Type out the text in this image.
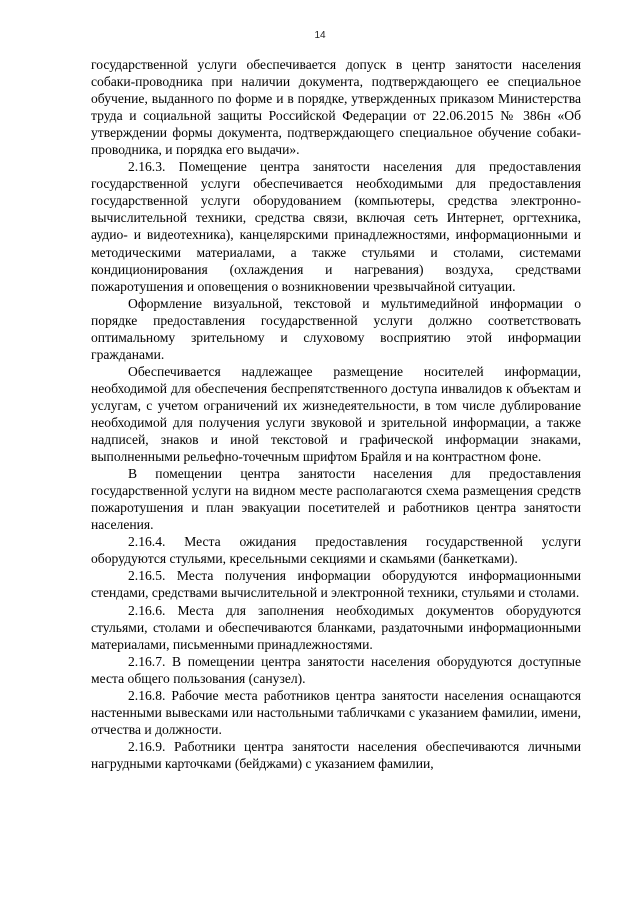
14

государственной услуги обеспечивается допуск в центр занятости населения собаки-проводника при наличии документа, подтверждающего ее специальное обучение, выданного по форме и в порядке, утвержденных приказом Министерства труда и социальной защиты Российской Федерации от 22.06.2015 № 386н «Об утверждении формы документа, подтверждающего специальное обучение собаки-проводника, и порядка его выдачи».

2.16.3. Помещение центра занятости населения для предоставления государственной услуги обеспечивается необходимыми для предоставления государственной услуги оборудованием (компьютеры, средства электронно-вычислительной техники, средства связи, включая сеть Интернет, оргтехника, аудио- и видеотехника), канцелярскими принадлежностями, информационными и методическими материалами, а также стульями и столами, системами кондиционирования (охлаждения и нагревания) воздуха, средствами пожаротушения и оповещения о возникновении чрезвычайной ситуации.

Оформление визуальной, текстовой и мультимедийной информации о порядке предоставления государственной услуги должно соответствовать оптимальному зрительному и слуховому восприятию этой информации гражданами.

Обеспечивается надлежащее размещение носителей информации, необходимой для обеспечения беспрепятственного доступа инвалидов к объектам и услугам, с учетом ограничений их жизнедеятельности, в том числе дублирование необходимой для получения услуги звуковой и зрительной информации, а также надписей, знаков и иной текстовой и графической информации знаками, выполненными рельефно-точечным шрифтом Брайля и на контрастном фоне.

В помещении центра занятости населения для предоставления государственной услуги на видном месте располагаются схема размещения средств пожаротушения и план эвакуации посетителей и работников центра занятости населения.

2.16.4. Места ожидания предоставления государственной услуги оборудуются стульями, кресельными секциями и скамьями (банкетками).

2.16.5. Места получения информации оборудуются информационными стендами, средствами вычислительной и электронной техники, стульями и столами.

2.16.6. Места для заполнения необходимых документов оборудуются стульями, столами и обеспечиваются бланками, раздаточными информационными материалами, письменными принадлежностями.

2.16.7. В помещении центра занятости населения оборудуются доступные места общего пользования (санузел).

2.16.8. Рабочие места работников центра занятости населения оснащаются настенными вывесками или настольными табличками с указанием фамилии, имени, отчества и должности.

2.16.9. Работники центра занятости населения обеспечиваются личными нагрудными карточками (бейджами) с указанием фамилии,
